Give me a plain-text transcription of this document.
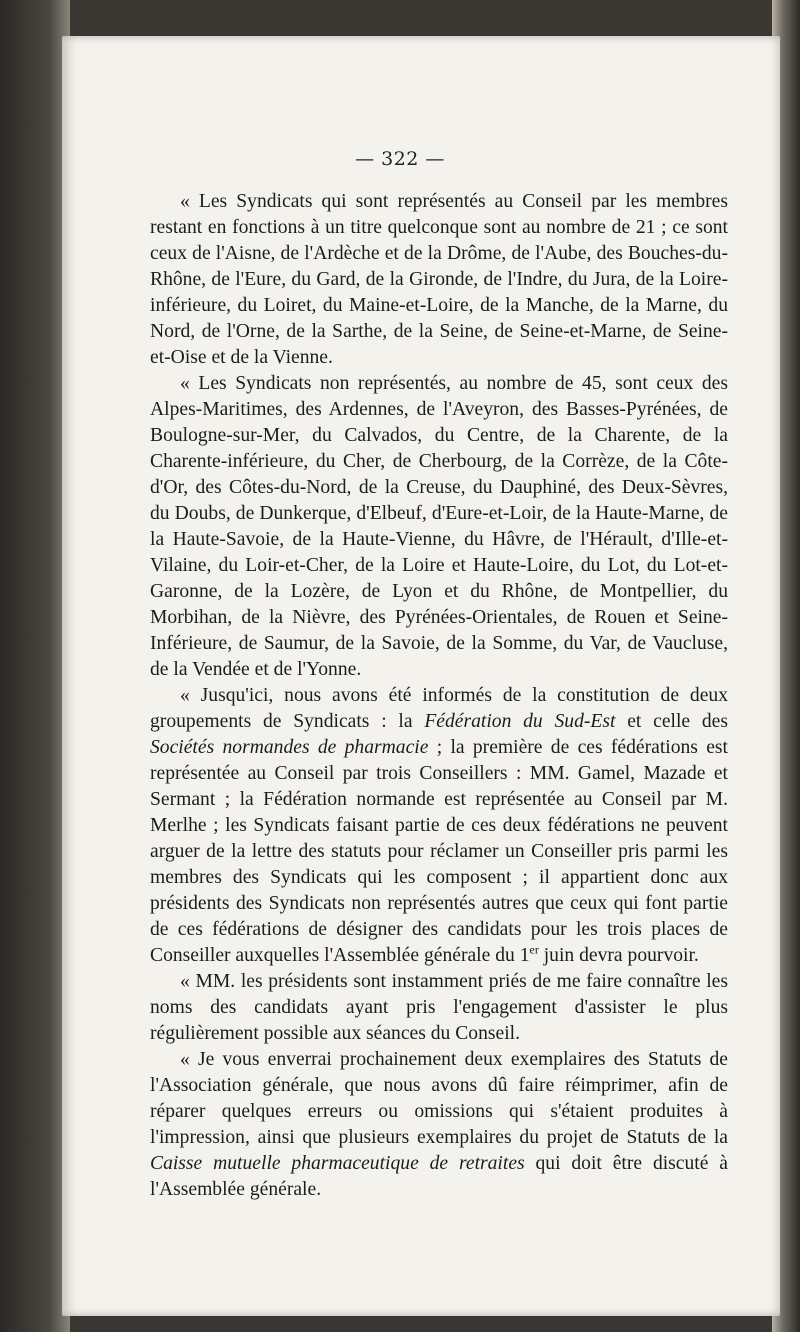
— 322 —

« Les Syndicats qui sont représentés au Conseil par les membres restant en fonctions à un titre quelconque sont au nombre de 21 ; ce sont ceux de l'Aisne, de l'Ardèche et de la Drôme, de l'Aube, des Bouches-du-Rhône, de l'Eure, du Gard, de la Gironde, de l'Indre, du Jura, de la Loire-inférieure, du Loiret, du Maine-et-Loire, de la Manche, de la Marne, du Nord, de l'Orne, de la Sarthe, de la Seine, de Seine-et-Marne, de Seine-et-Oise et de la Vienne.

« Les Syndicats non représentés, au nombre de 45, sont ceux des Alpes-Maritimes, des Ardennes, de l'Aveyron, des Basses-Pyrénées, de Boulogne-sur-Mer, du Calvados, du Centre, de la Charente, de la Charente-inférieure, du Cher, de Cherbourg, de la Corrèze, de la Côte-d'Or, des Côtes-du-Nord, de la Creuse, du Dauphiné, des Deux-Sèvres, du Doubs, de Dunkerque, d'Elbeuf, d'Eure-et-Loir, de la Haute-Marne, de la Haute-Savoie, de la Haute-Vienne, du Hâvre, de l'Hérault, d'Ille-et-Vilaine, du Loir-et-Cher, de la Loire et Haute-Loire, du Lot, du Lot-et-Garonne, de la Lozère, de Lyon et du Rhône, de Montpellier, du Morbihan, de la Nièvre, des Pyrénées-Orientales, de Rouen et Seine-Inférieure, de Saumur, de la Savoie, de la Somme, du Var, de Vaucluse, de la Vendée et de l'Yonne.

« Jusqu'ici, nous avons été informés de la constitution de deux groupements de Syndicats : la Fédération du Sud-Est et celle des Sociétés normandes de pharmacie ; la première de ces fédérations est représentée au Conseil par trois Conseillers : MM. Gamel, Mazade et Sermant ; la Fédération normande est représentée au Conseil par M. Merlhe ; les Syndicats faisant partie de ces deux fédérations ne peuvent arguer de la lettre des statuts pour réclamer un Conseiller pris parmi les membres des Syndicats qui les composent ; il appartient donc aux présidents des Syndicats non représentés autres que ceux qui font partie de ces fédérations de désigner des candidats pour les trois places de Conseiller auxquelles l'Assemblée générale du 1er juin devra pourvoir.

« MM. les présidents sont instamment priés de me faire connaître les noms des candidats ayant pris l'engagement d'assister le plus régulièrement possible aux séances du Conseil.

« Je vous enverrai prochainement deux exemplaires des Statuts de l'Association générale, que nous avons dû faire réimprimer, afin de réparer quelques erreurs ou omissions qui s'étaient produites à l'impression, ainsi que plusieurs exemplaires du projet de Statuts de la Caisse mutuelle pharmaceutique de retraites qui doit être discuté à l'Assemblée générale.
